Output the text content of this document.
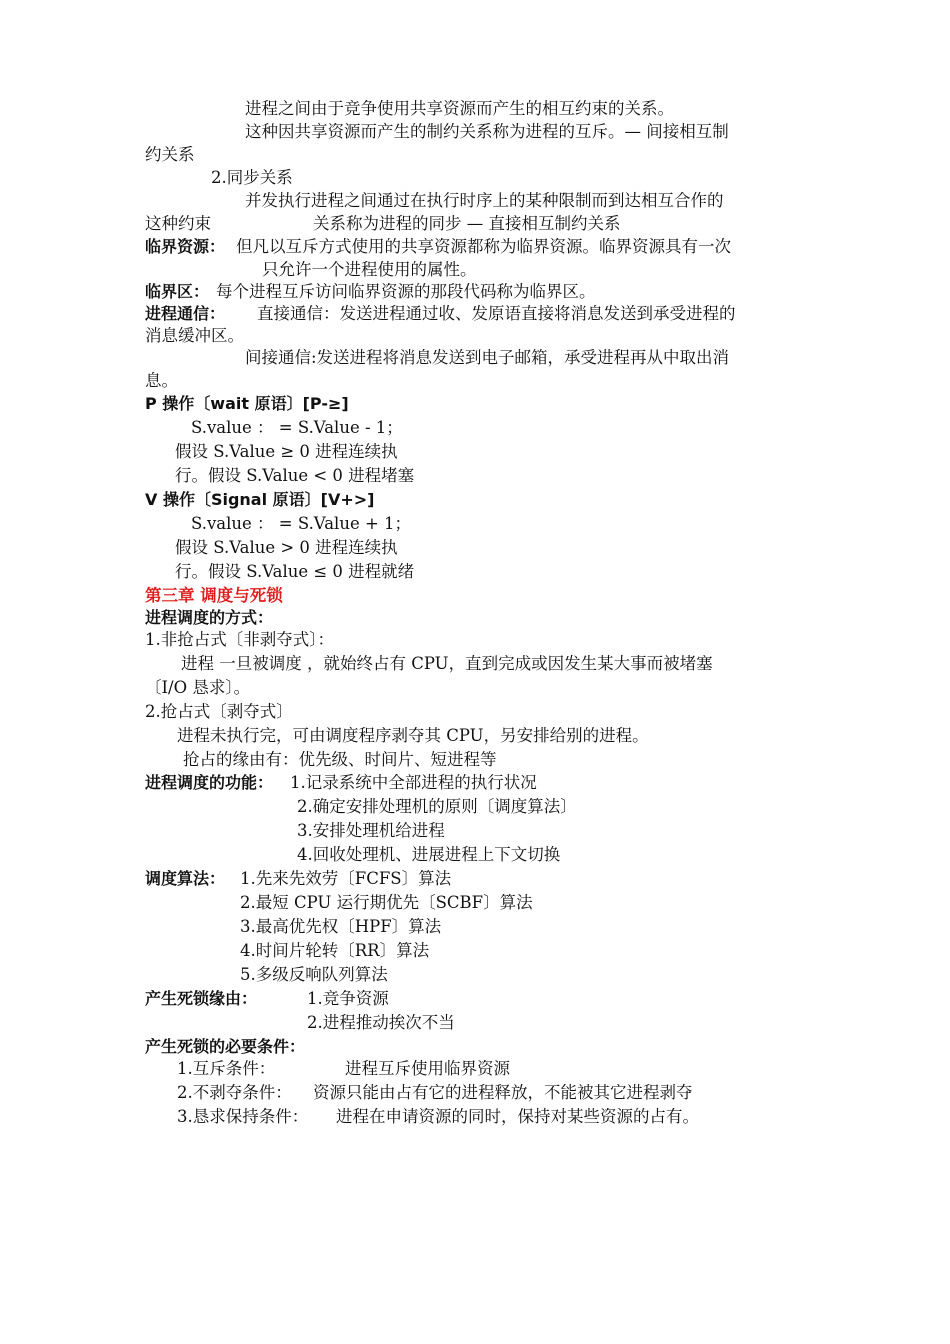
进程之间由于竞争使用共享资源而产生的相互约束的关系。
这种因共享资源而产生的制约关系称为进程的互斥。— 间接相互制
约关系
2.同步关系
并发执行进程之间通过在执行时序上的某种限制而到达相互合作的
这种约束	关系称为进程的同步 — 直接相互制约关系
临界资源： 但凡以互斥方式使用的共享资源都称为临界资源。临界资源具有一次
只允许一个进程使用的属性。
临界区： 每个进程互斥访问临界资源的那段代码称为临界区。
进程通信： 直接通信：发送进程通过收、发原语直接将消息发送到承受进程的
消息缓冲区。
间接通信:发送进程将消息发送到电子邮箱，承受进程再从中取出消
息。
P 操作〔wait 原语〕[P-≥]
S.value ： = S.Value - 1；
假设 S.Value ≥ 0 进程连续执
行。假设 S.Value < 0 进程堵塞
V 操作〔Signal 原语〕[V+>]
S.value ： = S.Value + 1；
假设 S.Value > 0 进程连续执
行。假设 S.Value ≤ 0 进程就绪
第三章 调度与死锁
进程调度的方式：
1.非抢占式〔非剥夺式〕：
进程 一旦被调度 ，就始终占有 CPU，直到完成或因发生某大事而被堵塞
〔I/O 恳求〕。
2.抢占式〔剥夺式〕
进程未执行完，可由调度程序剥夺其 CPU，另安排给别的进程。
抢占的缘由有：优先级、时间片、短进程等
进程调度的功能： 1.记录系统中全部进程的执行状况
2.确定安排处理机的原则〔调度算法〕
3.安排处理机给进程
4.回收处理机、进展进程上下文切换
调度算法： 1.先来先效劳〔FCFS〕算法
2.最短 CPU 运行期优先〔SCBF〕算法
3.最高优先权〔HPF〕算法
4.时间片轮转〔RR〕算法
5.多级反响队列算法
产生死锁缘由：	1.竞争资源
2.进程推动挨次不当
产生死锁的必要条件：
1.互斥条件：	进程互斥使用临界资源
2.不剥夺条件： 资源只能由占有它的进程释放，不能被其它进程剥夺
3.恳求保持条件： 进程在申请资源的同时，保持对某些资源的占有。
